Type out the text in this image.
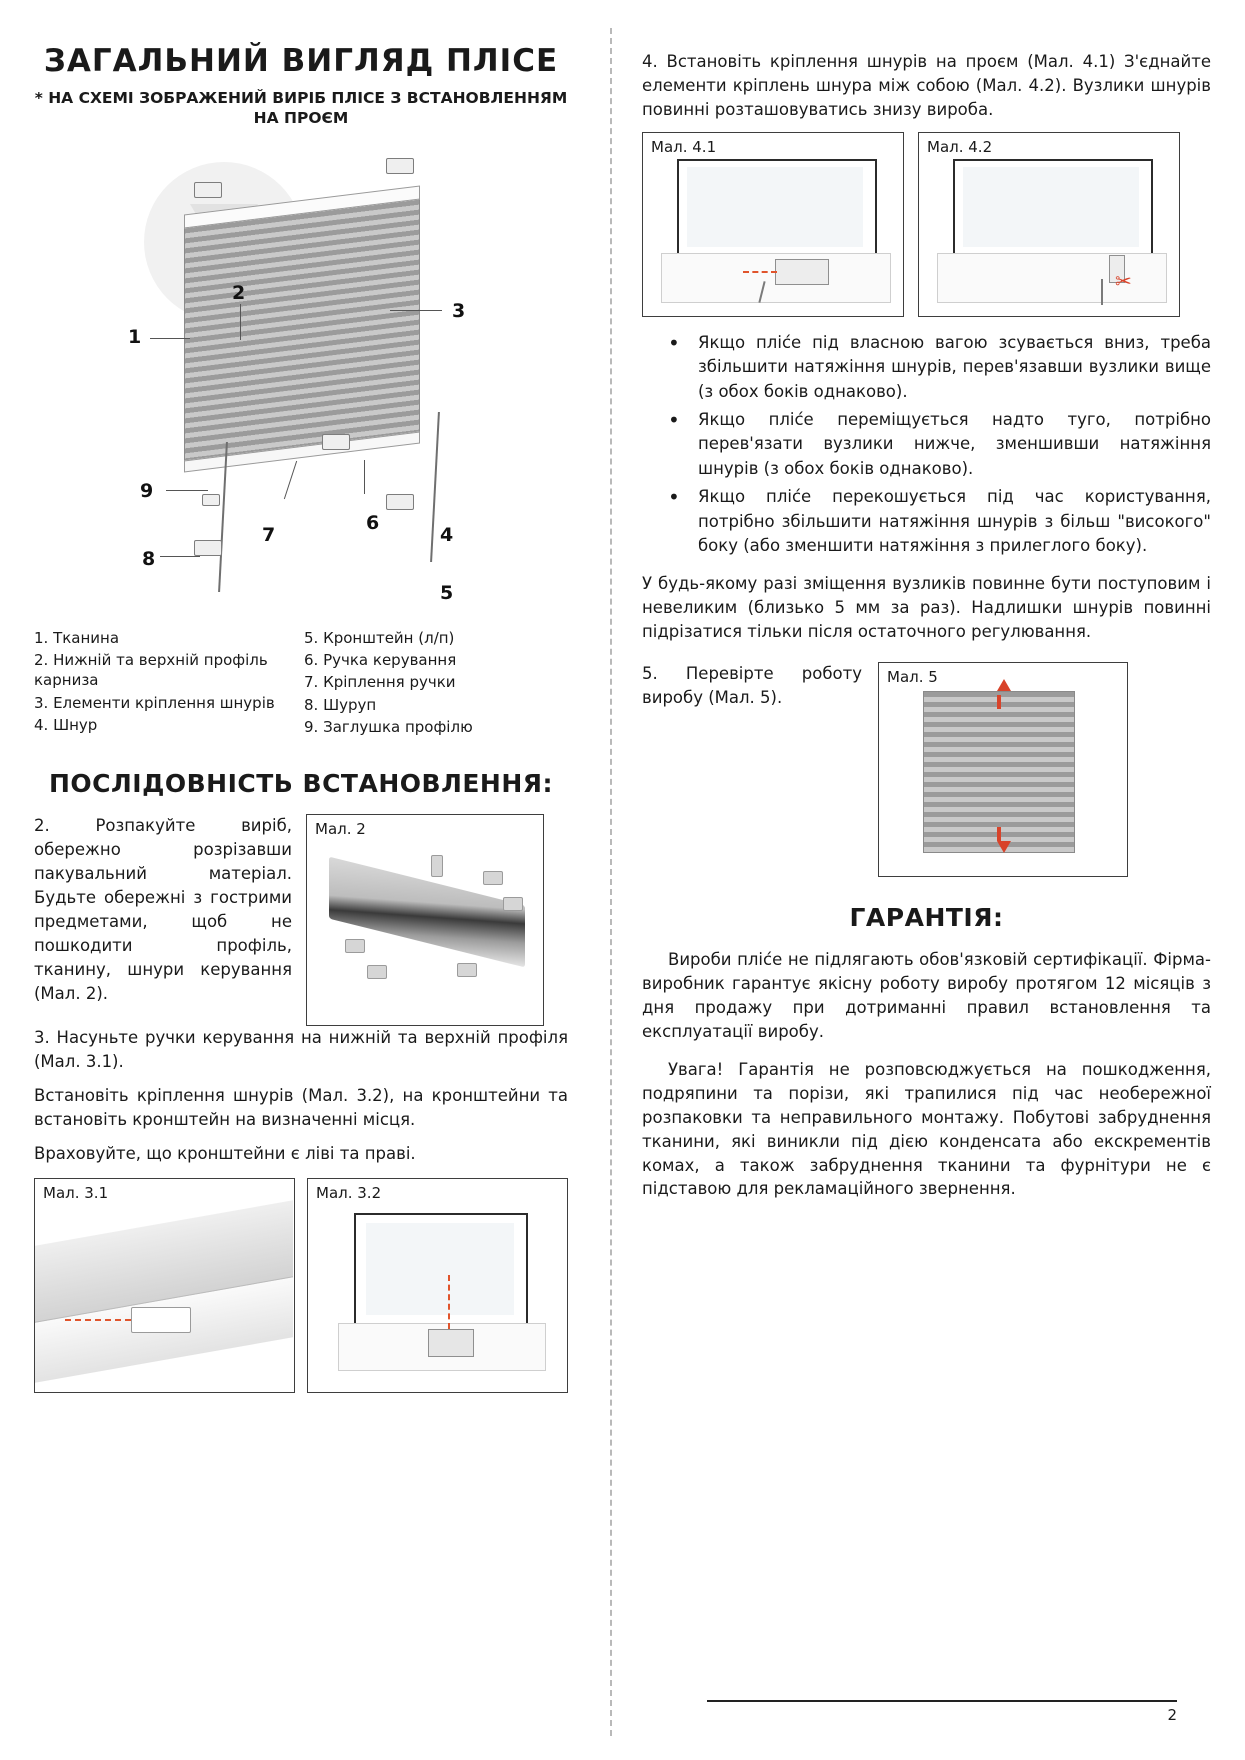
ЗАГАЛЬНИЙ ВИГЛЯД ПЛІСЕ
* НА СХЕМІ ЗОБРАЖЕНИЙ ВИРІБ ПЛІСЕ З ВСТАНОВЛЕННЯМ НА ПРОЄМ
1
2
3
4
5
6
7
8
9
1. Тканина
2. Нижній та верхній профіль карниза
3. Елементи кріплення шнурів
4. Шнур
5. Кронштейн (л/п)
6. Ручка керування
7. Кріплення ручки
8. Шуруп
9. Заглушка профілю
ПОСЛІДОВНІСТЬ ВСТАНОВЛЕННЯ:

2. Розпакуйте виріб, обережно розрізавши пакувальний матеріал. Будьте обережні з гострими предметами, щоб не пошкодити профіль, тканину, шнури керування (Мал. 2).

Мал. 2

3. Насуньте ручки керування на нижній та верхній профіля (Мал. 3.1).

Встановіть кріплення шнурів (Мал. 3.2), на кронштейни та встановіть кронштейн на визначенні місця.

Враховуйте, що кронштейни є ліві та праві.

Мал. 3.1	Мал. 3.2

4. Встановіть кріплення шнурів на проєм (Мал. 4.1) З'єднайте елементи кріплень шнура між собою (Мал. 4.2). Вузлики шнурів повинні розташовуватись знизу виробa.

Мал. 4.1	Мал. 4.2
✂
• Якщо пліс́е під власною вагою зсувається вниз, треба збільшити натяжіння шнурів, перев'язавши вузлики вище (з обох боків однаково).
• Якщо пліс́е переміщується надто туго, потрібно перев'язати вузлики нижче, зменшивши натяжіння шнурів (з обох боків однаково).
• Якщо пліс́е перекошується під час користування, потрібно збільшити натяжіння шнурів з більш "високого" боку (або зменшити натяжіння з прилеглого боку).

У будь-якому разі зміщення вузликів повинне бути поступовим і невеликим (близько 5 мм за раз). Надлишки шнурів повинні підрізатися тільки після остаточного регулювання.

5. Перевірте роботу виробу (Мал. 5).

Мал. 5
ГАРАНТІЯ:

Вироби пліс́е не підлягають обов'язковій сертифікації. Фірма-виробник гарантує якісну роботу виробу протягом 12 місяців з дня продажу при дотриманні правил встановлення та експлуатації виробу.

Увага! Гарантія не розповсюджується на пошкодження, подряпини та порізи, які трапилися під час необережної розпаковки та неправильного монтажу. Побутові забруднення тканини, які виникли під дією конденсата або екскрементів комах, а також забруднення тканини та фурнітури не є підставою для рекламаційного звернення.

2
